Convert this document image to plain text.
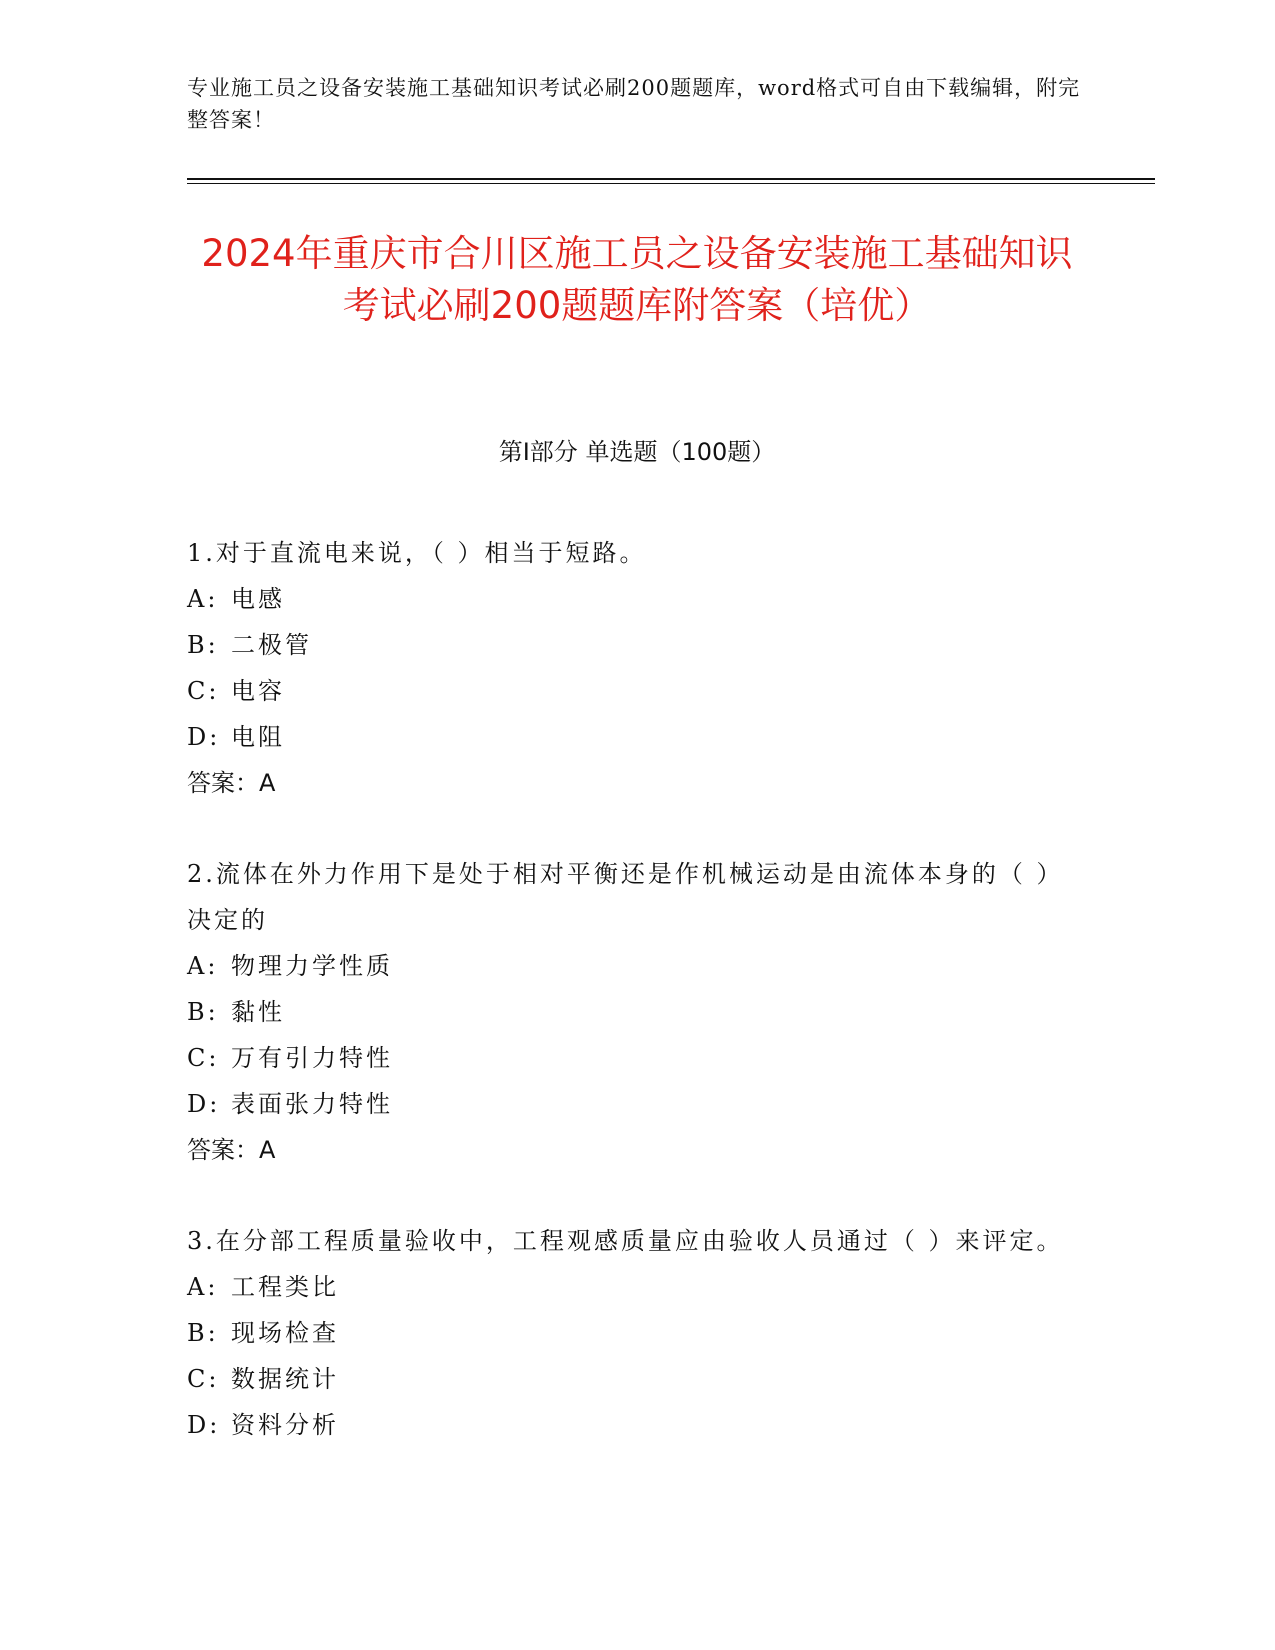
专业施工员之设备安装施工基础知识考试必刷200题题库，word格式可自由下载编辑，附完整答案！

2024年重庆市合川区施工员之设备安装施工基础知识考试必刷200题题库附答案（培优）
第I部分 单选题（100题）

1.对于直流电来说，（ ）相当于短路。

A: 电感

B: 二极管

C: 电容

D: 电阻

答案：A

2.流体在外力作用下是处于相对平衡还是作机械运动是由流体本身的（ ）决定的

A: 物理力学性质

B: 黏性

C: 万有引力特性

D: 表面张力特性

答案：A

3.在分部工程质量验收中，工程观感质量应由验收人员通过（ ）来评定。

A: 工程类比

B: 现场检查

C: 数据统计

D: 资料分析
